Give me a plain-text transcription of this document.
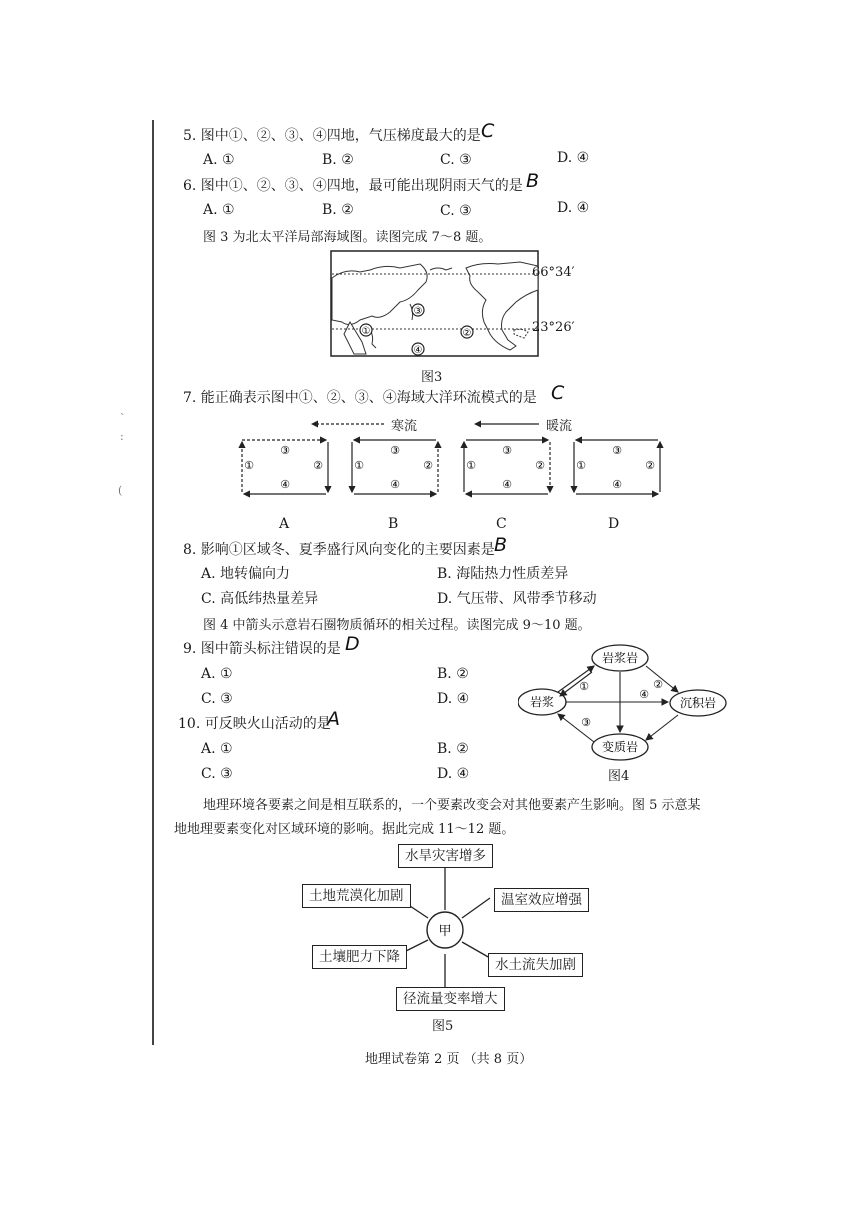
`
:
(
5. 图中①、②、③、④四地，气压梯度最大的是 C
A. ①	B. ②	C. ③	D. ④
6. 图中①、②、③、④四地，最可能出现阴雨天气的是 B
A. ①	B. ②	C. ③	D. ④
图 3 为北太平洋局部海域图。读图完成 7～8 题。
①	②
③
④
66°34′
23°26′
图3
7. 能正确表示图中①、②、③、④海域大洋环流模式的是 C
寒流	暖流
③
①	②
④
③
①	②
④
③
①	②
④
③
①	②
④
A	B	C	D
8. 影响①区域冬、夏季盛行风向变化的主要因素是 B
A. 地转偏向力	B. 海陆热力性质差异
C. 高低纬热量差异	D. 气压带、风带季节移动
图 4 中箭头示意岩石圈物质循环的相关过程。读图完成 9～10 题。
9. 图中箭头标注错误的是 D
A. ①	B. ②
C. ③	D. ④
10. 可反映火山活动的是
A
A. ①	B. ②
C. ③	D. ④
岩浆岩
岩浆	沉积岩
变质岩
①	②
③
④
图4
地理环境各要素之间是相互联系的，一个要素改变会对其他要素产生影响。图 5 示意某
地地理要素变化对区域环境的影响。据此完成 11～12 题。
甲
水旱灾害增多
土地荒漠化加剧	温室效应增强
土壤肥力下降	水土流失加剧
径流量变率增大
图5
地理试卷第 2 页 （共 8 页）
